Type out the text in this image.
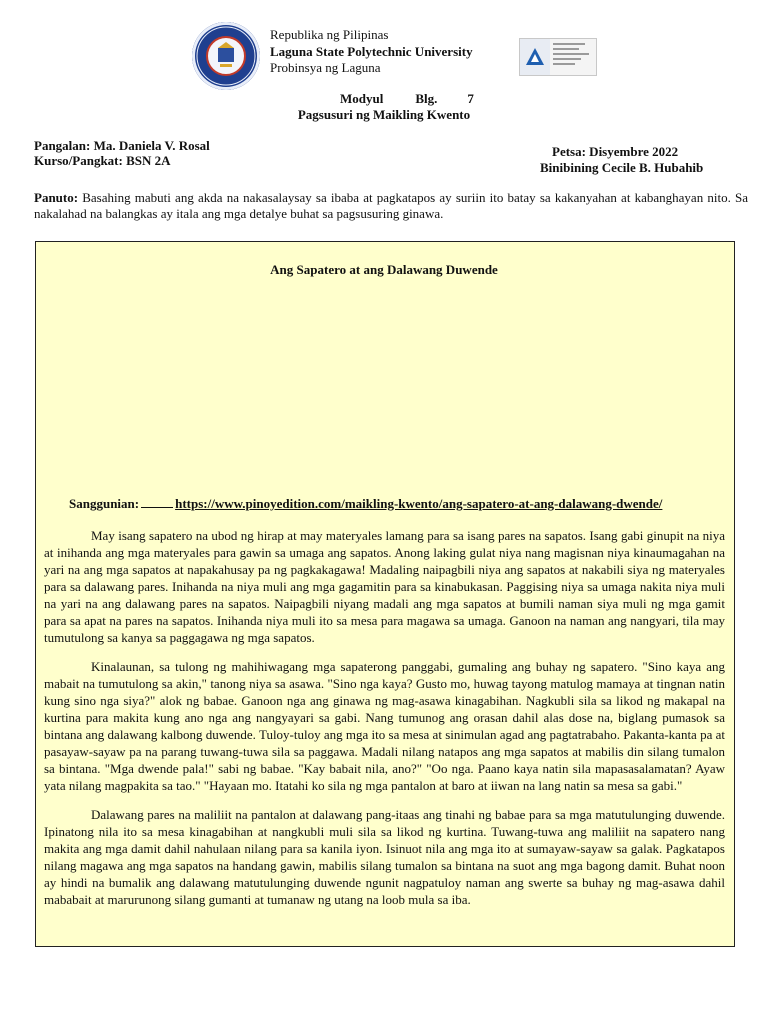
Republika ng Pilipinas
Laguna State Polytechnic University
Probinsya ng Laguna
Modyul Blg. 7
Pagsusuri ng Maikling Kwento
Pangalan: Ma. Daniela V. Rosal
Kurso/Pangkat: BSN 2A
Petsa: Disyembre 2022
Binibining Cecile B. Hubahib

Panuto: Basahing mabuti ang akda na nakasalaysay sa ibaba at pagkatapos ay suriin ito batay sa kakanyahan at kabanghayan nito. Sa nakalahad na balangkas ay itala ang mga detalye buhat sa pagsusuring ginawa.

Ang Sapatero at ang Dalawang Duwende
Sanggunian:	https://www.pinoyedition.com/maikling-kwento/ang-sapatero-at-ang-dalawang-dwende/

May isang sapatero na ubod ng hirap at may materyales lamang para sa isang pares na sapatos. Isang gabi ginupit na niya at inihanda ang mga materyales para gawin sa umaga ang sapatos. Anong laking gulat niya nang magisnan niya kinaumagahan na yari na ang mga sapatos at napakahusay pa ng pagkakagawa! Madaling naipagbili niya ang sapatos at nakabili siya ng materyales para sa dalawang pares. Inihanda na niya muli ang mga gagamitin para sa kinabukasan. Paggising niya sa umaga nakita niya muli na yari na ang dalawang pares na sapatos. Naipagbili niyang madali ang mga sapatos at bumili naman siya muli ng mga gamit para sa apat na pares na sapatos. Inihanda niya muli ito sa mesa para magawa sa umaga. Ganoon na naman ang nangyari, tila may tumutulong sa kanya sa paggagawa ng mga sapatos.

Kinalaunan, sa tulong ng mahihiwagang mga sapaterong panggabi, gumaling ang buhay ng sapatero. "Sino kaya ang mabait na tumutulong sa akin," tanong niya sa asawa. "Sino nga kaya? Gusto mo, huwag tayong matulog mamaya at tingnan natin kung sino nga siya?" alok ng babae. Ganoon nga ang ginawa ng mag-asawa kinagabihan. Nagkubli sila sa likod ng makapal na kurtina para makita kung ano nga ang nangyayari sa gabi. Nang tumunog ang orasan dahil alas dose na, biglang pumasok sa bintana ang dalawang kalbong duwende. Tuloy-tuloy ang mga ito sa mesa at sinimulan agad ang pagtatrabaho. Pakanta-kanta pa at pasayaw-sayaw pa na parang tuwang-tuwa sila sa paggawa. Madali nilang natapos ang mga sapatos at mabilis din silang tumalon sa bintana. "Mga dwende pala!" sabi ng babae. "Kay babait nila, ano?" "Oo nga. Paano kaya natin sila mapasasalamatan? Ayaw yata nilang magpakita sa tao." "Hayaan mo. Itatahi ko sila ng mga pantalon at baro at iiwan na lang natin sa mesa sa gabi."

Dalawang pares na maliliit na pantalon at dalawang pang-itaas ang tinahi ng babae para sa mga matutulunging duwende. Ipinatong nila ito sa mesa kinagabihan at nangkubli muli sila sa likod ng kurtina. Tuwang-tuwa ang maliliit na sapatero nang makita ang mga damit dahil nahulaan nilang para sa kanila iyon. Isinuot nila ang mga ito at sumayaw-sayaw sa galak. Pagkatapos nilang magawa ang mga sapatos na handang gawin, mabilis silang tumalon sa bintana na suot ang mga bagong damit. Buhat noon ay hindi na bumalik ang dalawang matutulunging duwende ngunit nagpatuloy naman ang swerte sa buhay ng mag-asawa dahil mababait at marurunong silang gumanti at tumanaw ng utang na loob mula sa iba.
